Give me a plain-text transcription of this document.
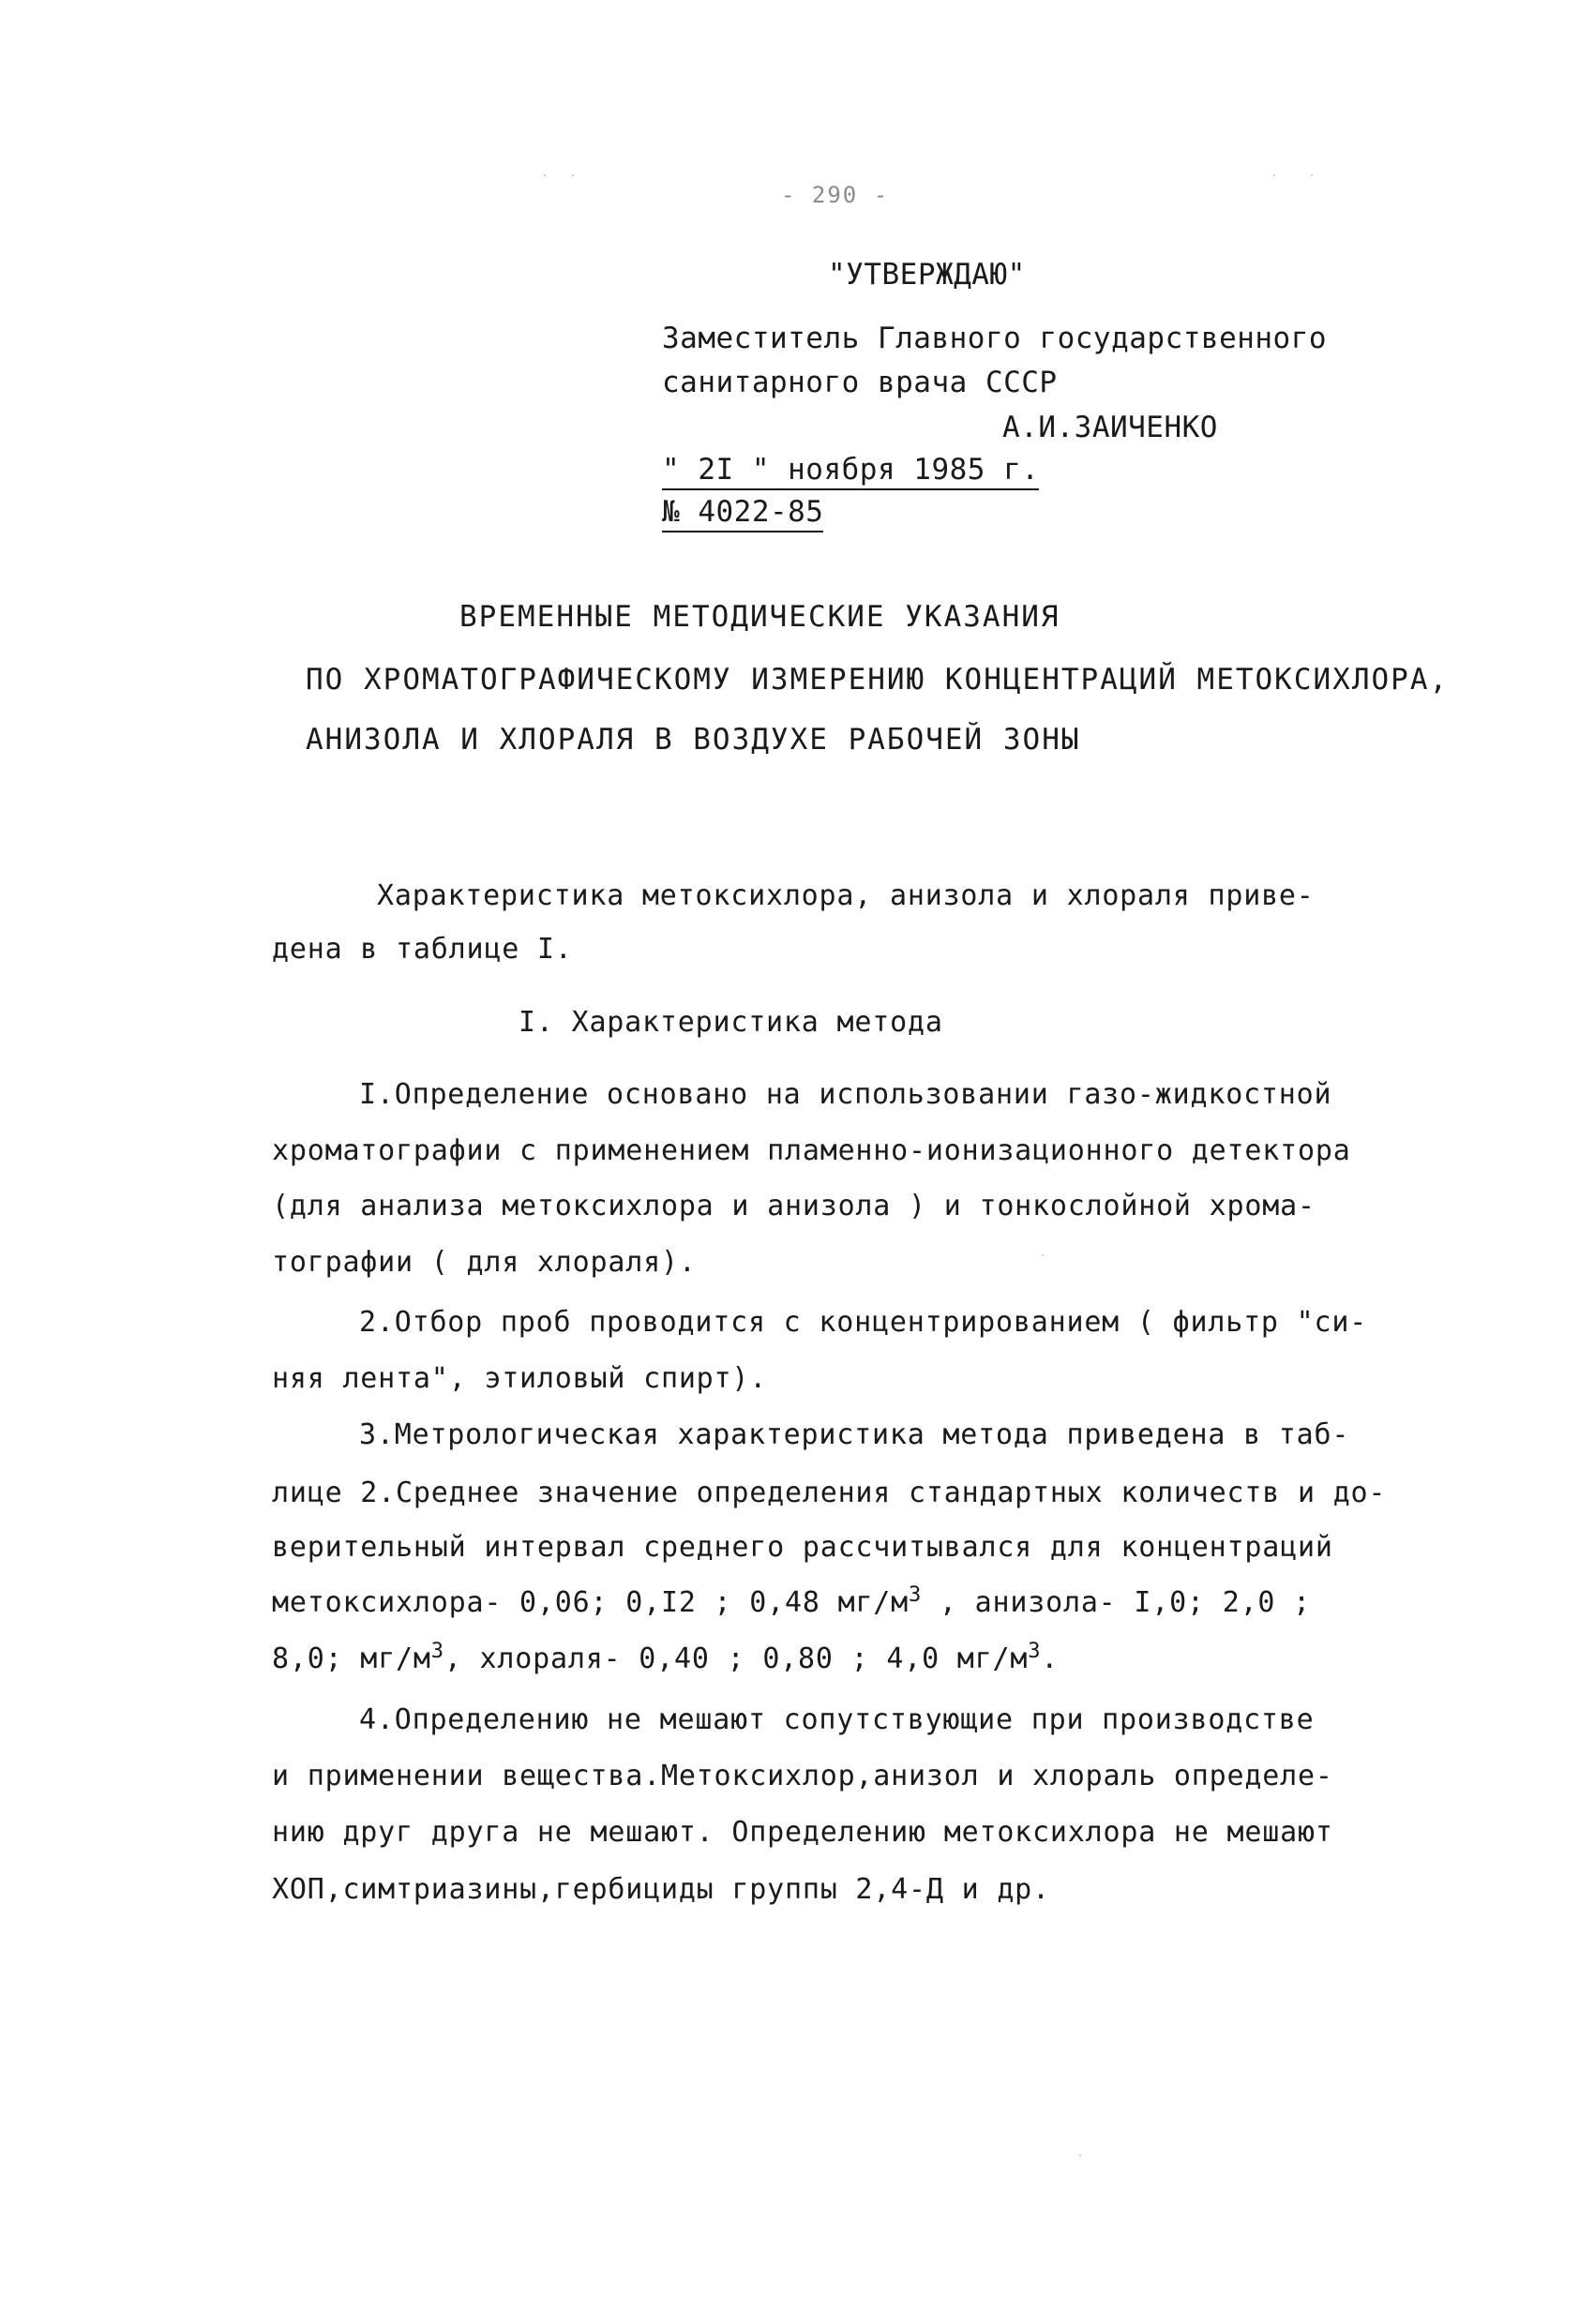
- 290 -
"УТВЕРЖДАЮ"
Заместитель Главного государственного
санитарного врача СССР
А.И.ЗАИЧЕНКО
" 2I " ноября 1985 г.
№ 4022-85
ВРЕМЕННЫЕ МЕТОДИЧЕСКИЕ УКАЗАНИЯ
ПО ХРОМАТОГРАФИЧЕСКОМУ ИЗМЕРЕНИЮ КОНЦЕНТРАЦИЙ МЕТОКСИХЛОРА,
АНИЗОЛА И ХЛОРАЛЯ В ВОЗДУХЕ РАБОЧЕЙ ЗОНЫ
Характеристика метоксихлора, анизола и хлораля приве-
дена в таблице I.
I. Характеристика метода
I.Определение основано на использовании газо-жидкостной
хроматографии с применением пламенно-ионизационного детектора
(для анализа метоксихлора и анизола ) и тонкослойной хрома-
тографии ( для хлораля).
2.Отбор проб проводится с концентрированием ( фильтр "си-
няя лента", этиловый спирт).
3.Метрологическая характеристика метода приведена в таб-
лице 2.Среднее значение определения стандартных количеств и до-
верительный интервал среднего рассчитывался для концентраций
метоксихлора- 0,06; 0,I2 ; 0,48 $мг/м^3$ , анизола- I,0; 2,0 ;
8,0; $мг/м^3$, хлораля- 0,40 ; 0,80 ; 4,0 $мг/м^3$.
4.Определению не мешают сопутствующие при производстве
и применении вещества.Метоксихлор,анизол и хлораль определе-
нию друг друга не мешают. Определению метоксихлора не мешают
ХОП,симтриазины,гербициды группы 2,4-Д и др.
